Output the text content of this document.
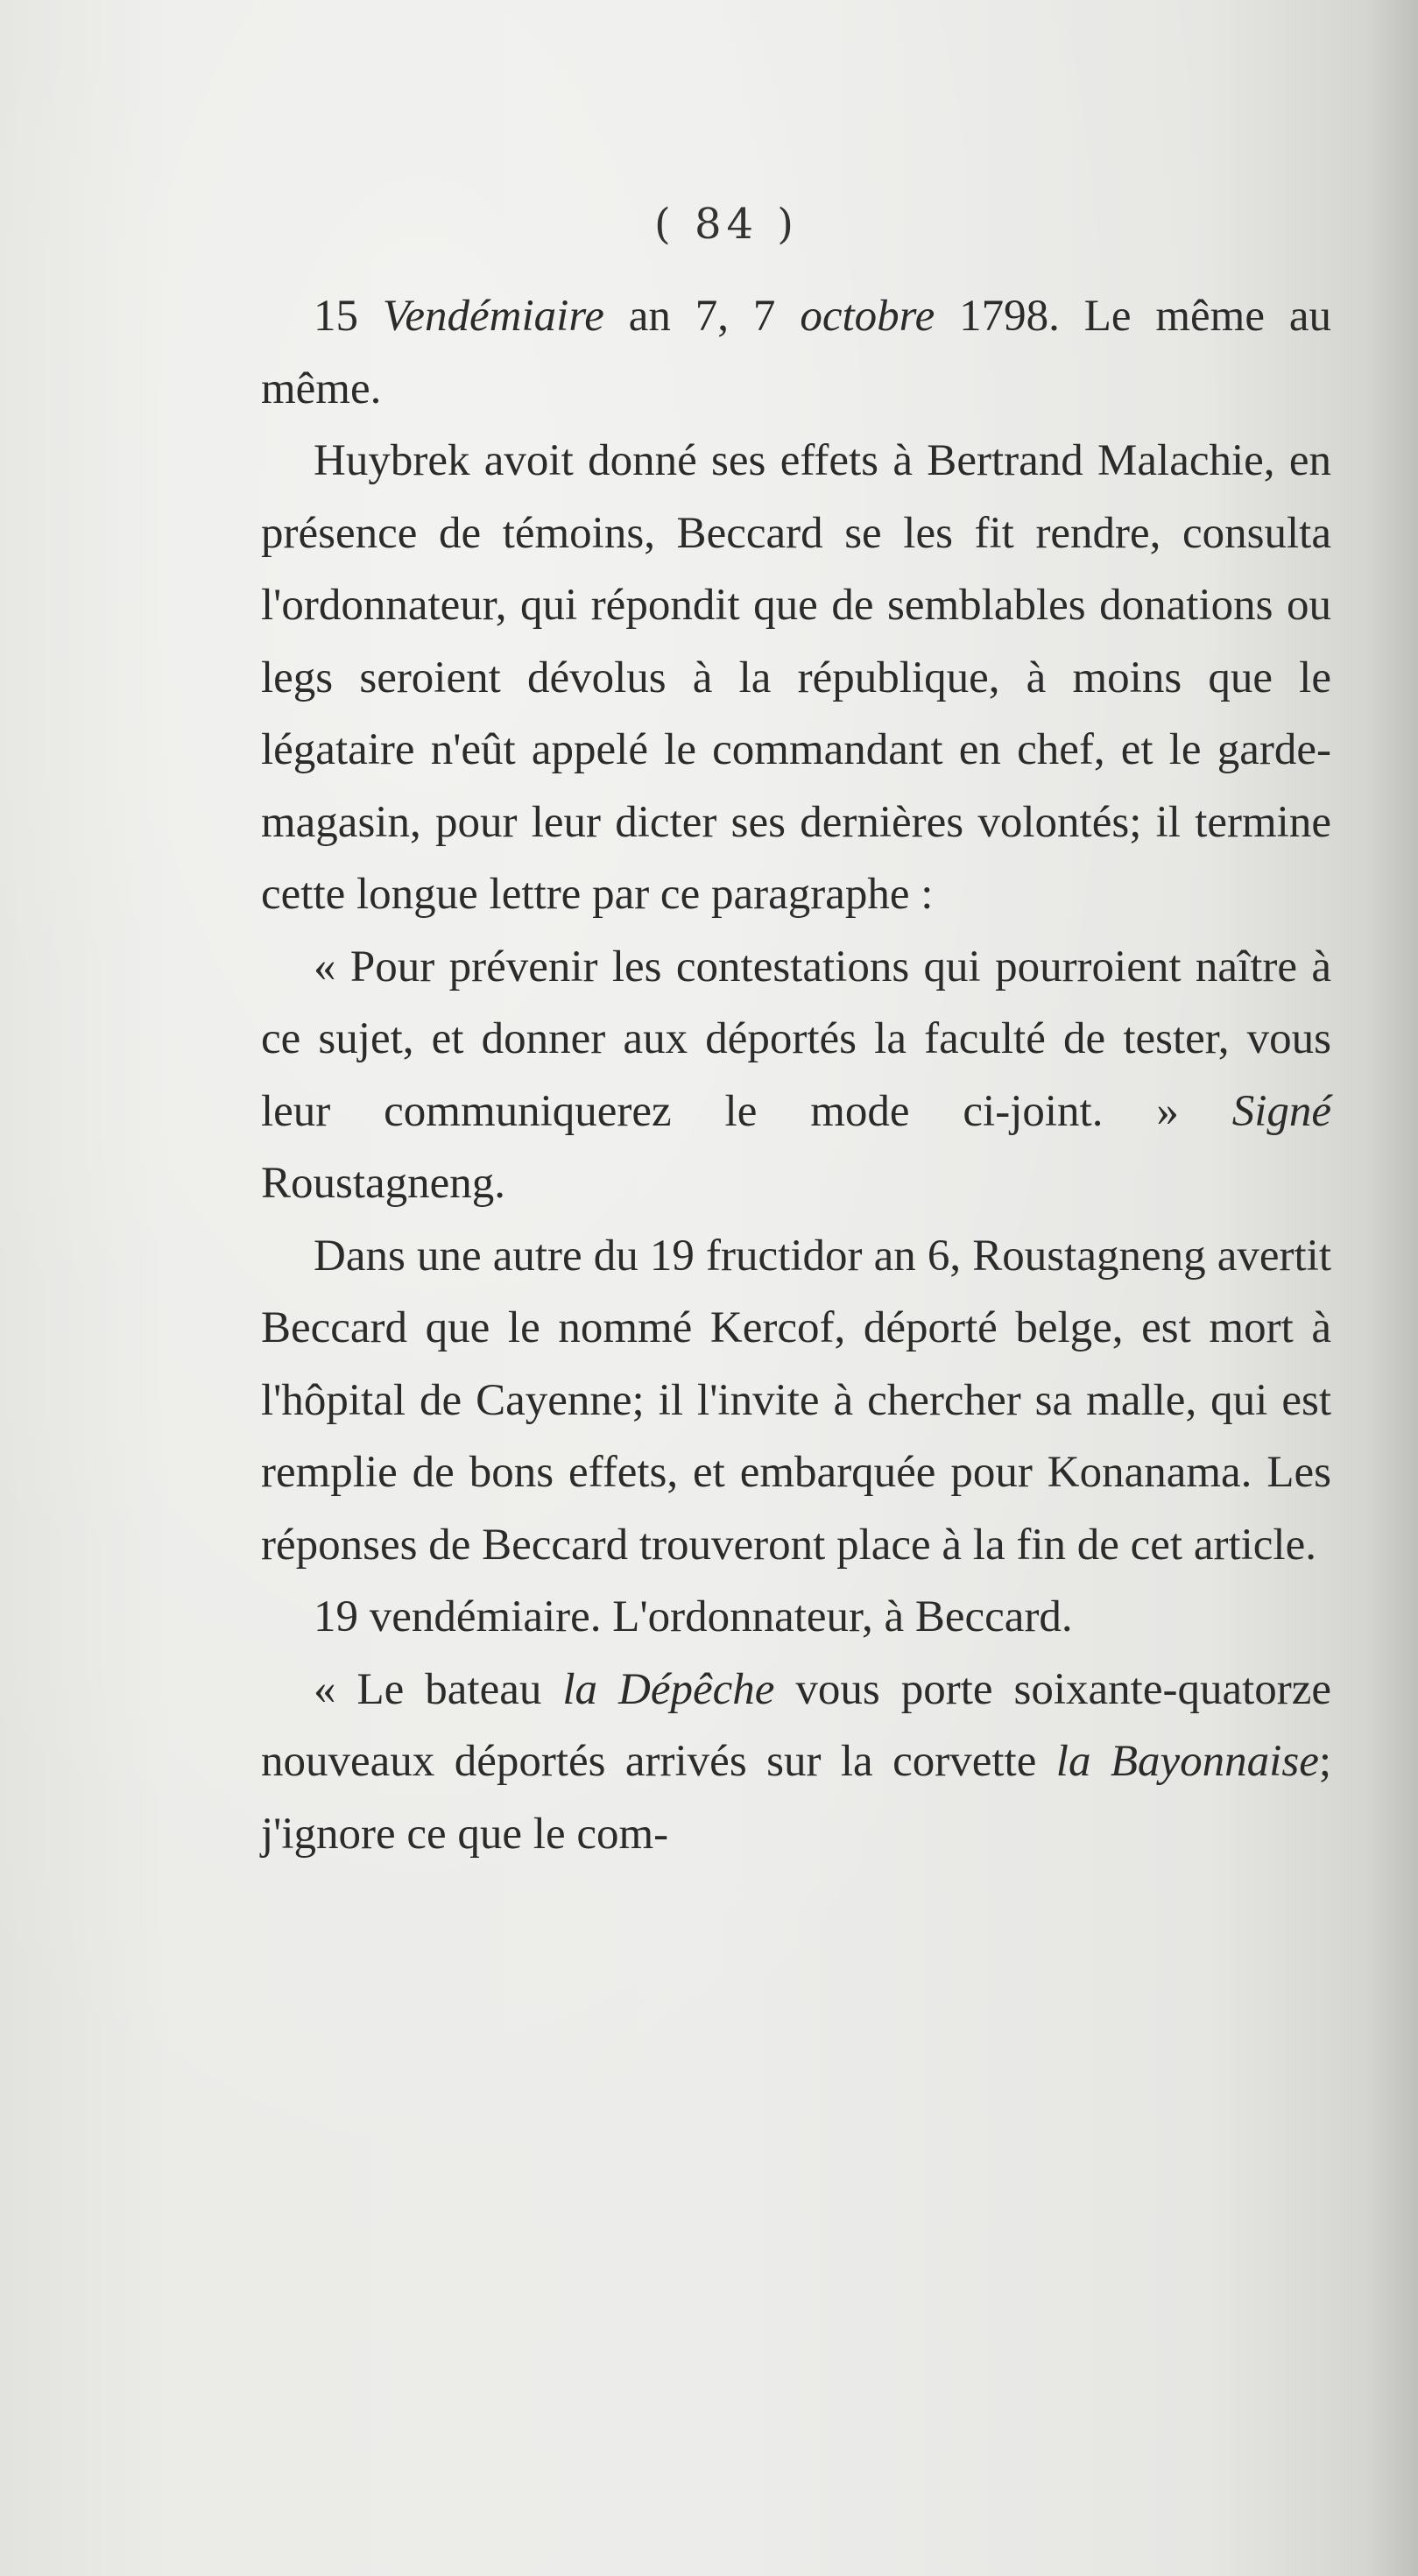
( 84 )

15 Vendémiaire an 7, 7 octobre 1798. Le même au même.

Huybrek avoit donné ses effets à Bertrand Malachie, en présence de témoins, Beccard se les fit rendre, consulta l'ordonnateur, qui répondit que de semblables donations ou legs seroient dévolus à la république, à moins que le légataire n'eût appelé le commandant en chef, et le garde-magasin, pour leur dicter ses dernières volontés; il termine cette longue lettre par ce paragraphe :

« Pour prévenir les contestations qui pourroient naître à ce sujet, et donner aux déportés la faculté de tester, vous leur communiquerez le mode ci-joint. » Signé Roustagneng.

Dans une autre du 19 fructidor an 6, Roustagneng avertit Beccard que le nommé Kercof, déporté belge, est mort à l'hôpital de Cayenne; il l'invite à chercher sa malle, qui est remplie de bons effets, et embarquée pour Konanama. Les réponses de Beccard trouveront place à la fin de cet article.

19 vendémiaire. L'ordonnateur, à Beccard.

« Le bateau la Dépêche vous porte soixante-quatorze nouveaux déportés arrivés sur la corvette la Bayonnaise; j'ignore ce que le com-
